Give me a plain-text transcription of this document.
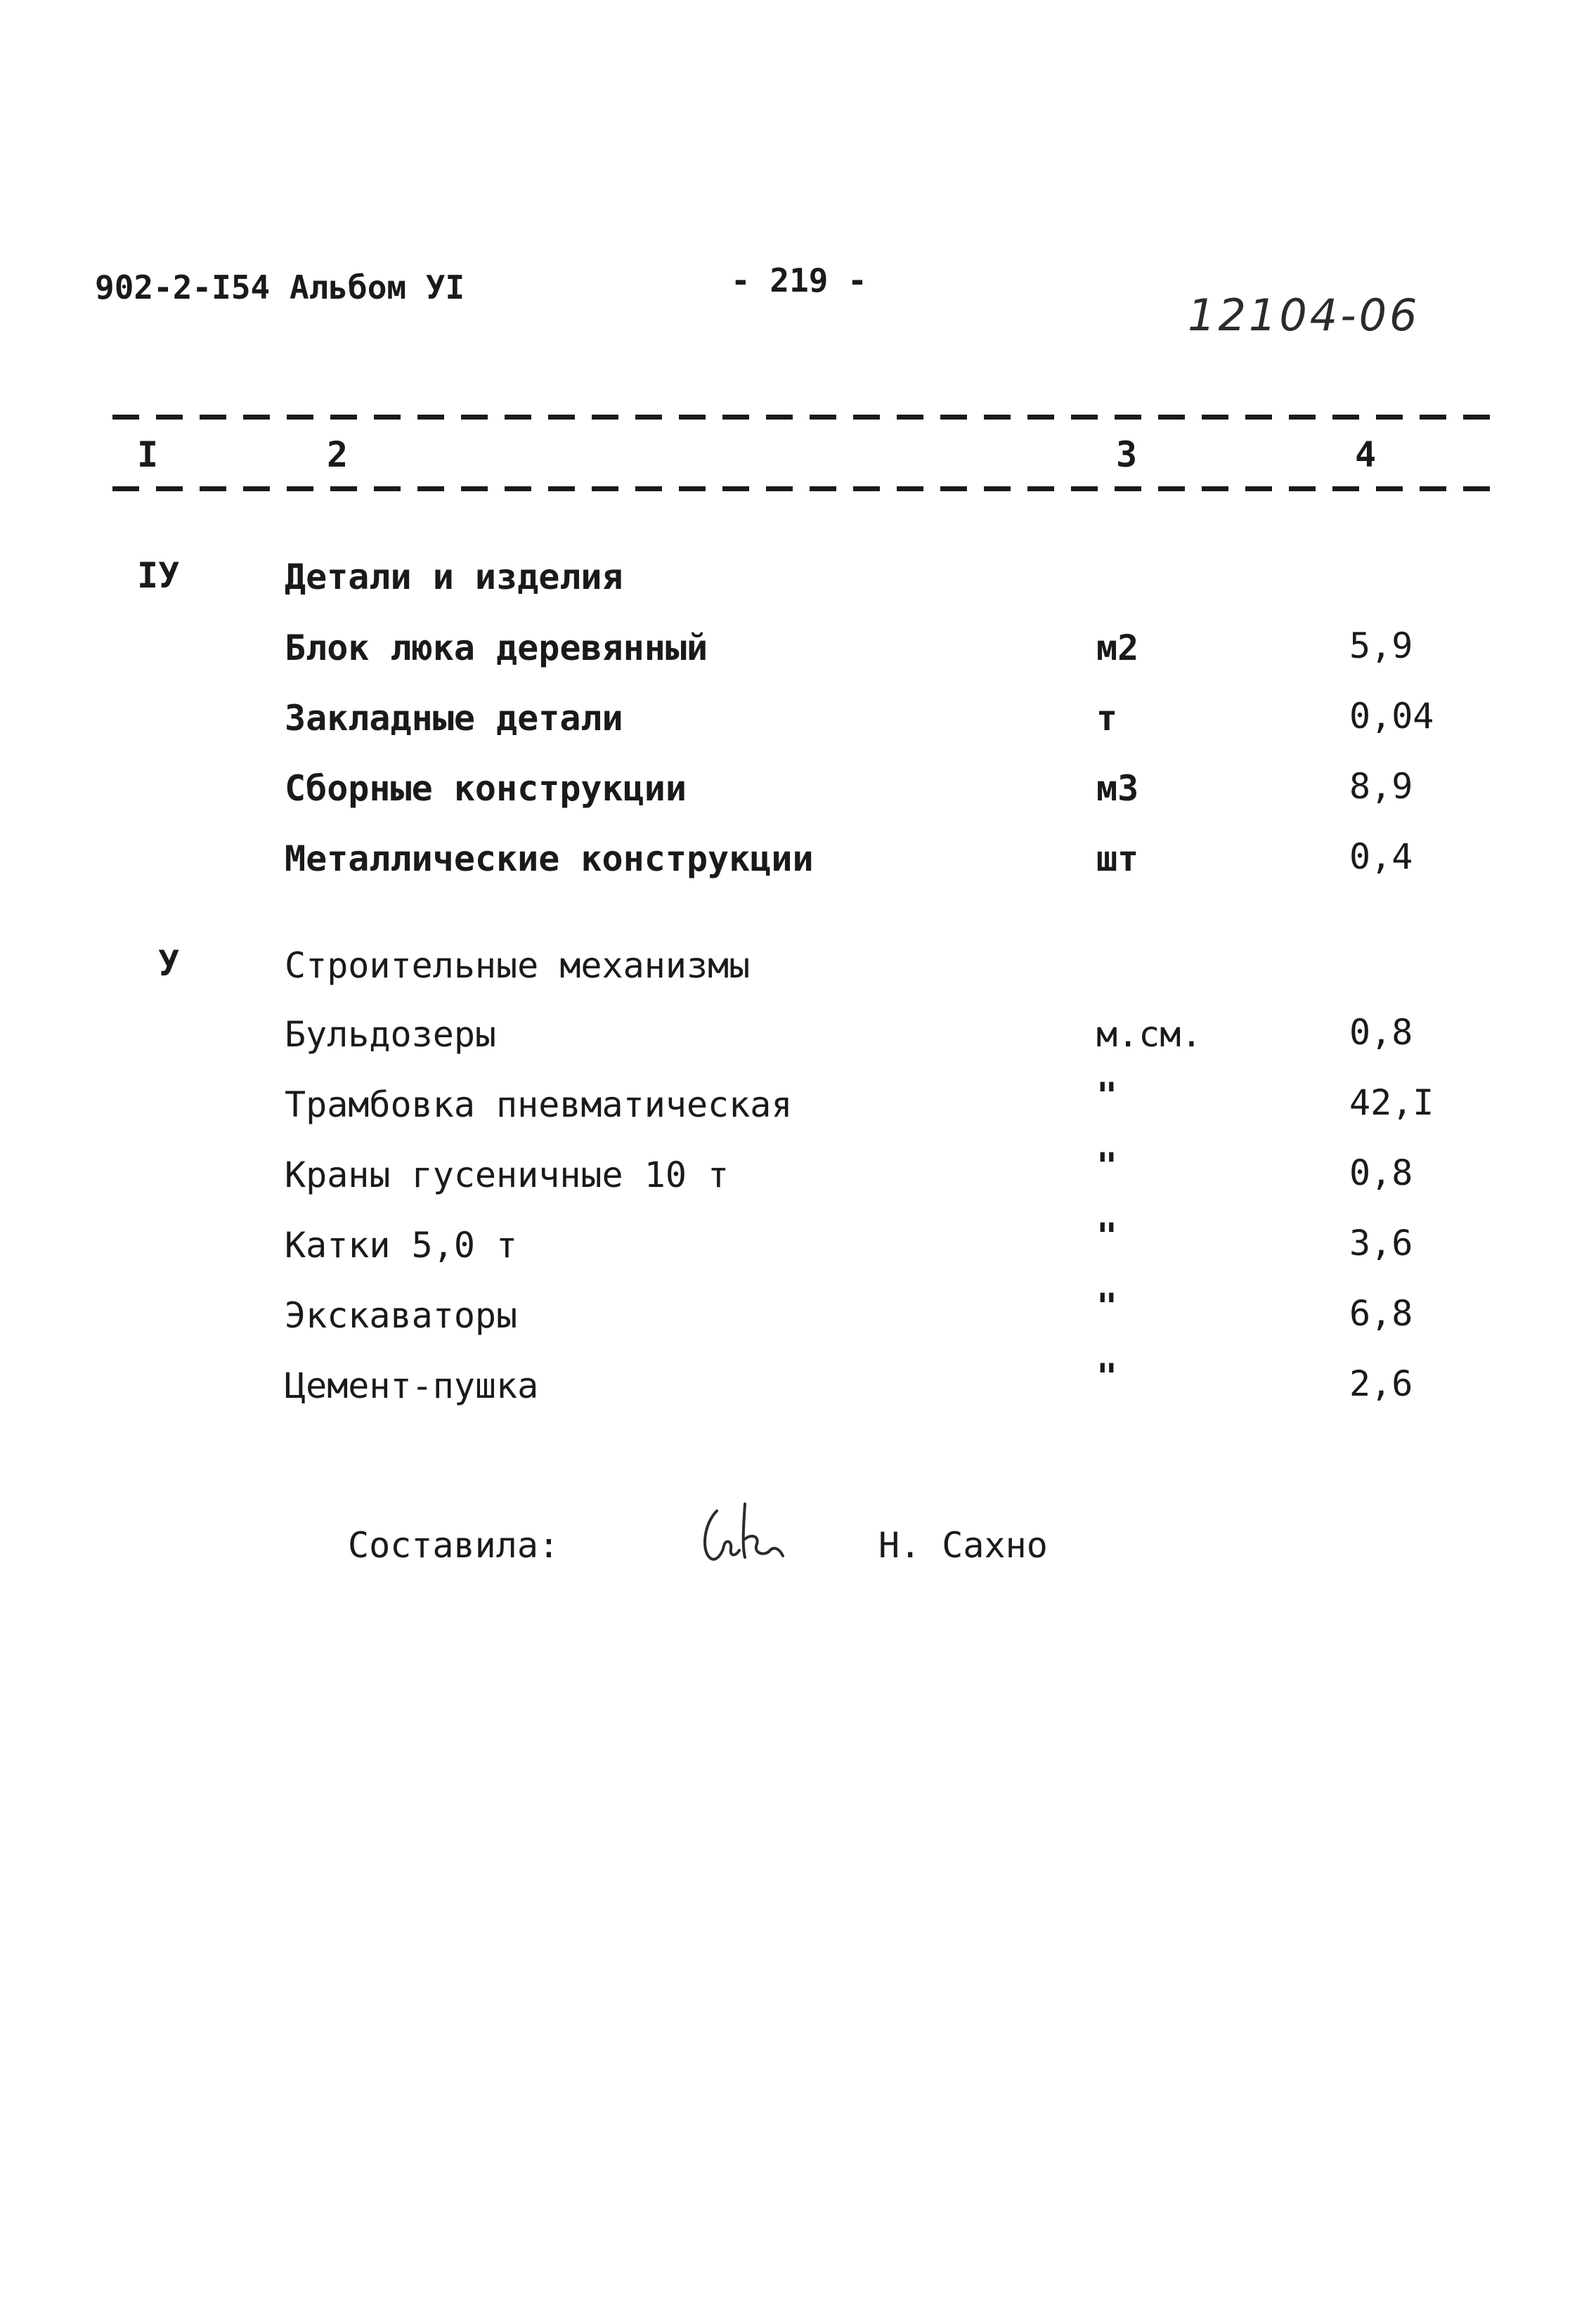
902-2-I54 Альбом УI	- 219 -
12104-06
I	2	3	4
IУ	Детали и изделия
Блок люка деревянный	м2	5,9
Закладные детали	т	0,04
Сборные конструкции	м3	8,9
Металлические конструкции	шт	0,4
У	Строительные механизмы
Бульдозеры	м.см.	0,8
Трамбовка пневматическая	"	42,I
Краны гусеничные 10 т	"	0,8
Катки 5,0 т	"	3,6
Экскаваторы	"	6,8
Цемент-пушка	"	2,6
Составила:	Н. Сахно
